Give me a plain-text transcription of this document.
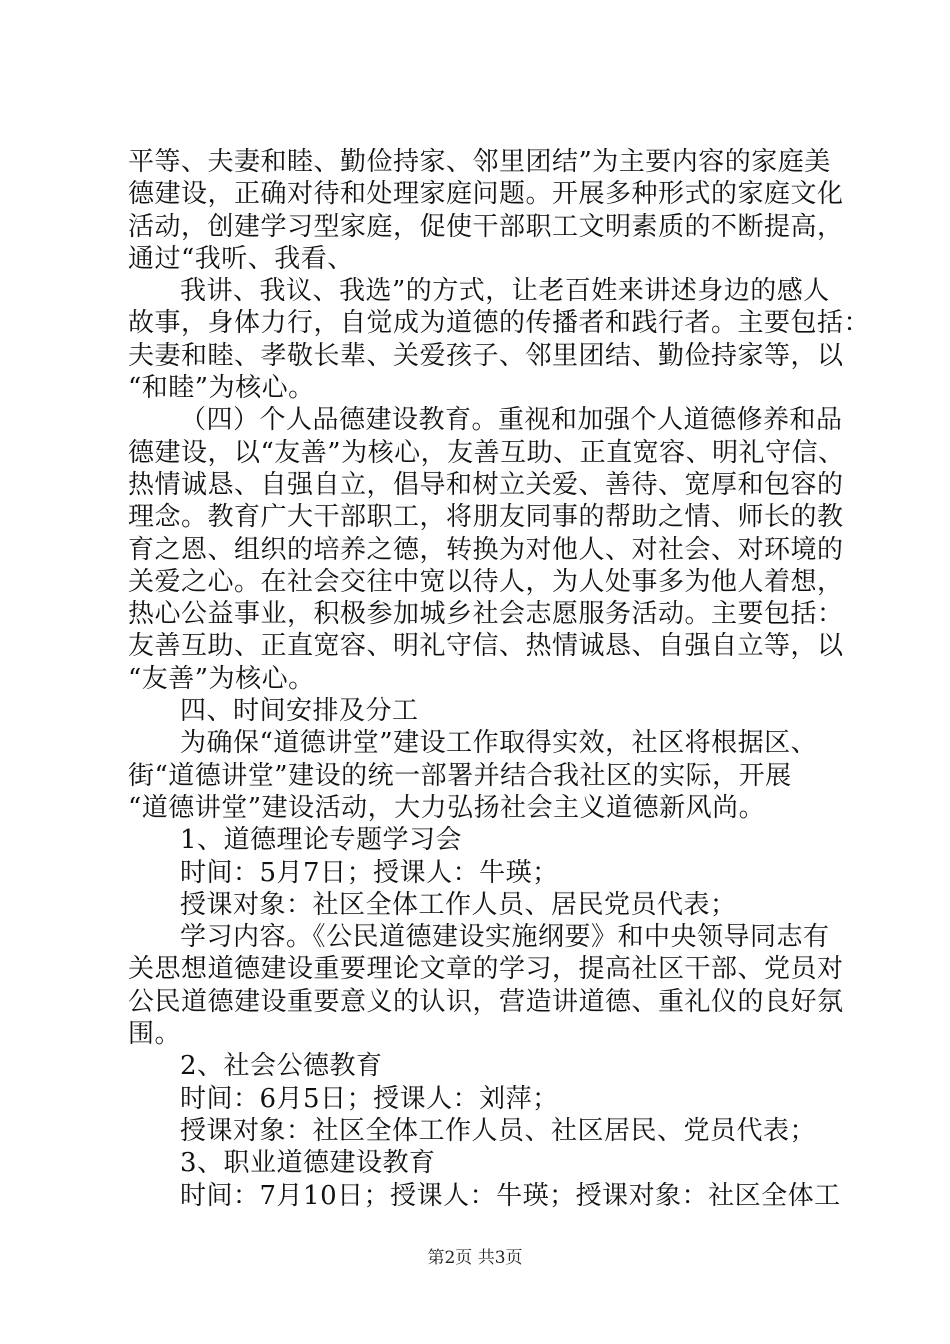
平等、夫妻和睦、勤俭持家、邻里团结”为主要内容的家庭美
德建设，正确对待和处理家庭问题。开展多种形式的家庭文化
活动，创建学习型家庭，促使干部职工文明素质的不断提高，
通过“我听、我看、
我讲、我议、我选”的方式，让老百姓来讲述身边的感人
故事，身体力行，自觉成为道德的传播者和践行者。主要包括：
夫妻和睦、孝敬长辈、关爱孩子、邻里团结、勤俭持家等，以
“和睦”为核心。
（四）个人品德建设教育。重视和加强个人道德修养和品
德建设，以“友善”为核心，友善互助、正直宽容、明礼守信、
热情诚恳、自强自立，倡导和树立关爱、善待、宽厚和包容的
理念。教育广大干部职工，将朋友同事的帮助之情、师长的教
育之恩、组织的培养之德，转换为对他人、对社会、对环境的
关爱之心。在社会交往中宽以待人，为人处事多为他人着想，
热心公益事业，积极参加城乡社会志愿服务活动。主要包括：
友善互助、正直宽容、明礼守信、热情诚恳、自强自立等，以
“友善”为核心。
四、时间安排及分工
为确保“道德讲堂”建设工作取得实效，社区将根据区、
街“道德讲堂”建设的统一部署并结合我社区的实际，开展
“道德讲堂”建设活动，大力弘扬社会主义道德新风尚。
1、道德理论专题学习会
时间：5月7日；授课人：牛瑛；
授课对象：社区全体工作人员、居民党员代表；
学习内容。《公民道德建设实施纲要》和中央领导同志有
关思想道德建设重要理论文章的学习，提高社区干部、党员对
公民道德建设重要意义的认识，营造讲道德、重礼仪的良好氛
围。
2、社会公德教育
时间：6月5日；授课人：刘萍；
授课对象：社区全体工作人员、社区居民、党员代表；
3、职业道德建设教育
时间：7月10日；授课人：牛瑛；授课对象：社区全体工
第2页 共3页
